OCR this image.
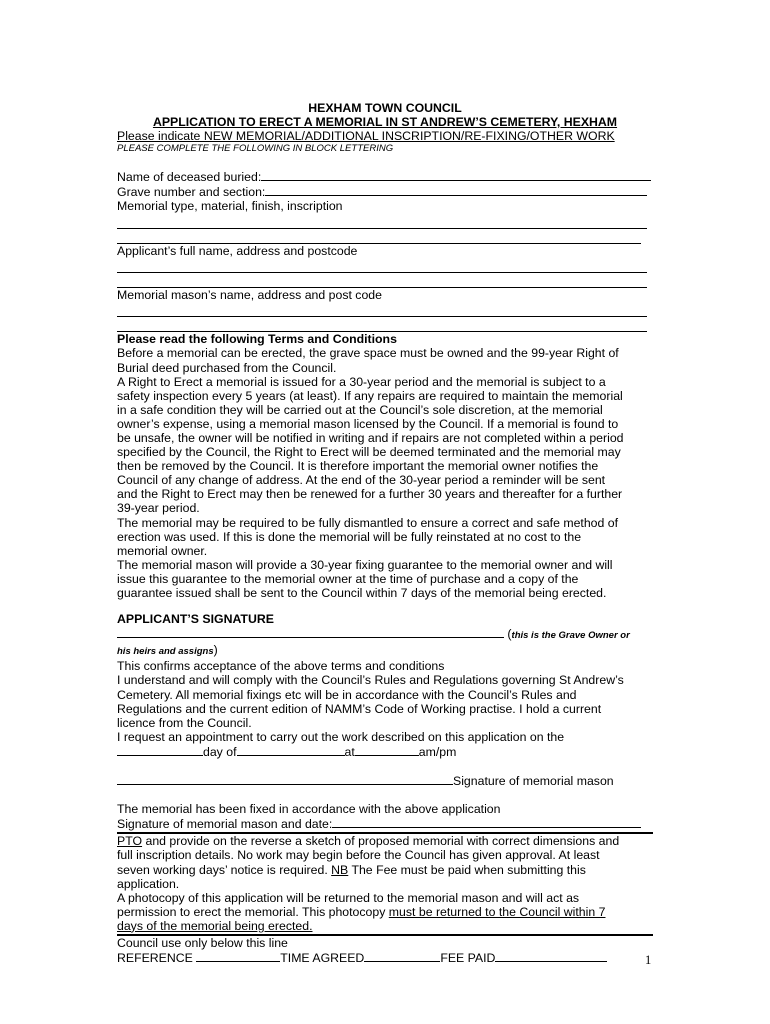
HEXHAM TOWN COUNCIL

APPLICATION TO ERECT A MEMORIAL IN ST ANDREW’S CEMETERY, HEXHAM

Please indicate NEW MEMORIAL/ADDITIONAL INSCRIPTION/RE-FIXING/OTHER WORK

PLEASE COMPLETE THE FOLLOWING IN BLOCK LETTERING

Name of deceased buried:

Grave number and section:

Memorial type, material, finish, inscription

Applicant’s full name, address and postcode

Memorial mason’s name, address and post code

Please read the following Terms and Conditions

Before a memorial can be erected, the grave space must be owned and the 99-year Right of

Burial deed purchased from the Council.

A Right to Erect a memorial is issued for a 30-year period and the memorial is subject to a

safety inspection every 5 years (at least). If any repairs are required to maintain the memorial

in a safe condition they will be carried out at the Council’s sole discretion, at the memorial

owner’s expense, using a memorial mason licensed by the Council. If a memorial is found to

be unsafe, the owner will be notified in writing and if repairs are not completed within a period

specified by the Council, the Right to Erect will be deemed terminated and the memorial may

then be removed by the Council. It is therefore important the memorial owner notifies the

Council of any change of address. At the end of the 30-year period a reminder will be sent

and the Right to Erect may then be renewed for a further 30 years and thereafter for a further

39-year period.

The memorial may be required to be fully dismantled to ensure a correct and safe method of

erection was used. If this is done the memorial will be fully reinstated at no cost to the

memorial owner.

The memorial mason will provide a 30-year fixing guarantee to the memorial owner and will

issue this guarantee to the memorial owner at the time of purchase and a copy of the

guarantee issued shall be sent to the Council within 7 days of the memorial being erected.

APPLICANT’S SIGNATURE

(this is the Grave Owner or

his heirs and assigns)

This confirms acceptance of the above terms and conditions

I understand and will comply with the Council’s Rules and Regulations governing St Andrew’s

Cemetery. All memorial fixings etc will be in accordance with the Council’s Rules and

Regulations and the current edition of NAMM’s Code of Working practise. I hold a current

licence from the Council.

I request an appointment to carry out the work described on this application on the

day of	at	am/pm

Signature of memorial mason

The memorial has been fixed in accordance with the above application

Signature of memorial mason and date:

PTO and provide on the reverse a sketch of proposed memorial with correct dimensions and

full inscription details. No work may begin before the Council has given approval. At least

seven working days’ notice is required. NB The Fee must be paid when submitting this

application.

A photocopy of this application will be returned to the memorial mason and will act as

permission to erect the memorial. This photocopy must be returned to the Council within 7

days of the memorial being erected.

Council use only below this line

REFERENCE	TIME AGREED	FEE PAID	1
